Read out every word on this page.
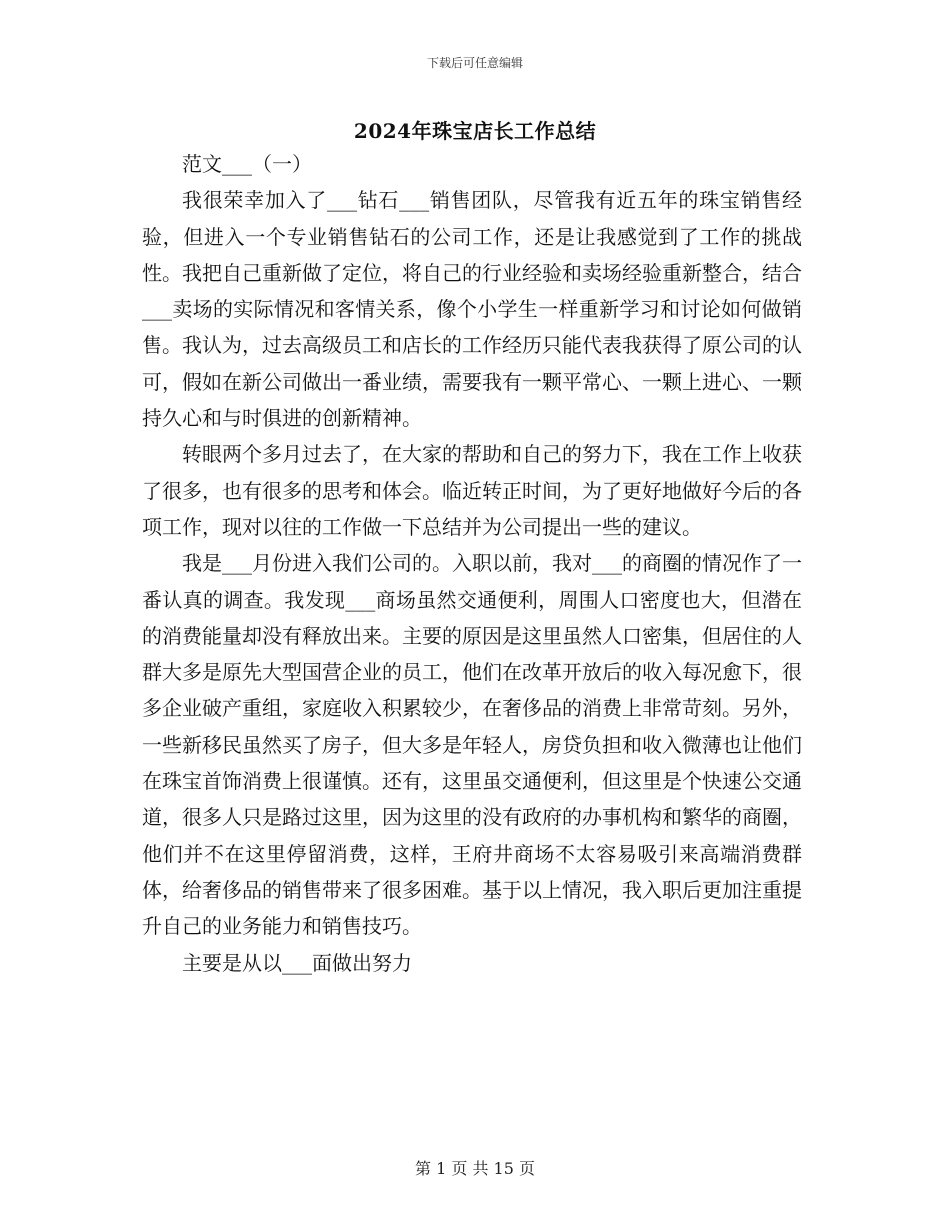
下载后可任意编辑
2024年珠宝店长工作总结

范文___（一）

我很荣幸加入了___钻石___销售团队，尽管我有近五年的珠宝销售经验，但进入一个专业销售钻石的公司工作，还是让我感觉到了工作的挑战性。我把自己重新做了定位，将自己的行业经验和卖场经验重新整合，结合___卖场的实际情况和客情关系，像个小学生一样重新学习和讨论如何做销售。我认为，过去高级员工和店长的工作经历只能代表我获得了原公司的认可，假如在新公司做出一番业绩，需要我有一颗平常心、一颗上进心、一颗持久心和与时俱进的创新精神。

转眼两个多月过去了，在大家的帮助和自己的努力下，我在工作上收获了很多，也有很多的思考和体会。临近转正时间，为了更好地做好今后的各项工作，现对以往的工作做一下总结并为公司提出一些的建议。

我是___月份进入我们公司的。入职以前，我对___的商圈的情况作了一番认真的调查。我发现___商场虽然交通便利，周围人口密度也大，但潜在的消费能量却没有释放出来。主要的原因是这里虽然人口密集，但居住的人群大多是原先大型国营企业的员工，他们在改革开放后的收入每况愈下，很多企业破产重组，家庭收入积累较少，在奢侈品的消费上非常苛刻。另外，一些新移民虽然买了房子，但大多是年轻人，房贷负担和收入微薄也让他们在珠宝首饰消费上很谨慎。还有，这里虽交通便利，但这里是个快速公交通道，很多人只是路过这里，因为这里的没有政府的办事机构和繁华的商圈，他们并不在这里停留消费，这样，王府井商场不太容易吸引来高端消费群体，给奢侈品的销售带来了很多困难。基于以上情况，我入职后更加注重提升自己的业务能力和销售技巧。

主要是从以___面做出努力

第 1 页 共 15 页
